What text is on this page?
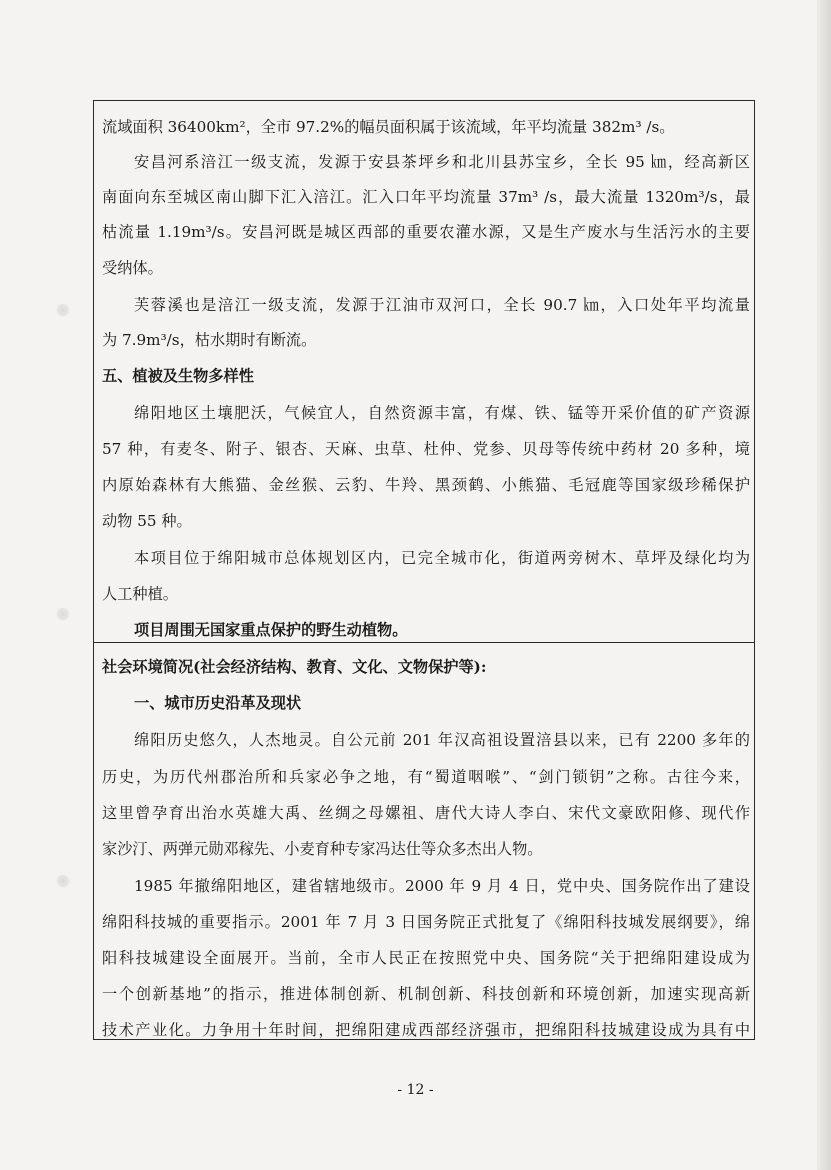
流域面积 36400km²，全市 97.2%的幅员面积属于该流域，年平均流量 382m³ /s。
安昌河系涪江一级支流，发源于安县茶坪乡和北川县苏宝乡，全长 95 ㎞，经高新区
南面向东至城区南山脚下汇入涪江。汇入口年平均流量 37m³ /s，最大流量 1320m³/s，最
枯流量 1.19m³/s。安昌河既是城区西部的重要农灌水源，又是生产废水与生活污水的主要
受纳体。
芙蓉溪也是涪江一级支流，发源于江油市双河口，全长 90.7 ㎞，入口处年平均流量
为 7.9m³/s，枯水期时有断流。
五、植被及生物多样性
绵阳地区土壤肥沃，气候宜人，自然资源丰富，有煤、铁、锰等开采价值的矿产资源
57 种，有麦冬、附子、银杏、天麻、虫草、杜仲、党参、贝母等传统中药材 20 多种，境
内原始森林有大熊猫、金丝猴、云豹、牛羚、黑颈鹤、小熊猫、毛冠鹿等国家级珍稀保护
动物 55 种。
本项目位于绵阳城市总体规划区内，已完全城市化，街道两旁树木、草坪及绿化均为
人工种植。
项目周围无国家重点保护的野生动植物。
社会环境简况(社会经济结构、教育、文化、文物保护等):
一、城市历史沿革及现状
绵阳历史悠久，人杰地灵。自公元前 201 年汉高祖设置涪县以来，已有 2200 多年的
历史，为历代州郡治所和兵家必争之地，有“蜀道咽喉”、“剑门锁钥”之称。古往今来，
这里曾孕育出治水英雄大禹、丝绸之母嫘祖、唐代大诗人李白、宋代文豪欧阳修、现代作
家沙汀、两弹元勋邓稼先、小麦育种专家冯达仕等众多杰出人物。
1985 年撤绵阳地区，建省辖地级市。2000 年 9 月 4 日，党中央、国务院作出了建设
绵阳科技城的重要指示。2001 年 7 月 3 日国务院正式批复了《绵阳科技城发展纲要》，绵
阳科技城建设全面展开。当前，全市人民正在按照党中央、国务院“关于把绵阳建设成为
一个创新基地”的指示，推进体制创新、机制创新、科技创新和环境创新，加速实现高新
技术产业化。力争用十年时间，把绵阳建成西部经济强市，把绵阳科技城建设成为具有中
- 12 -
